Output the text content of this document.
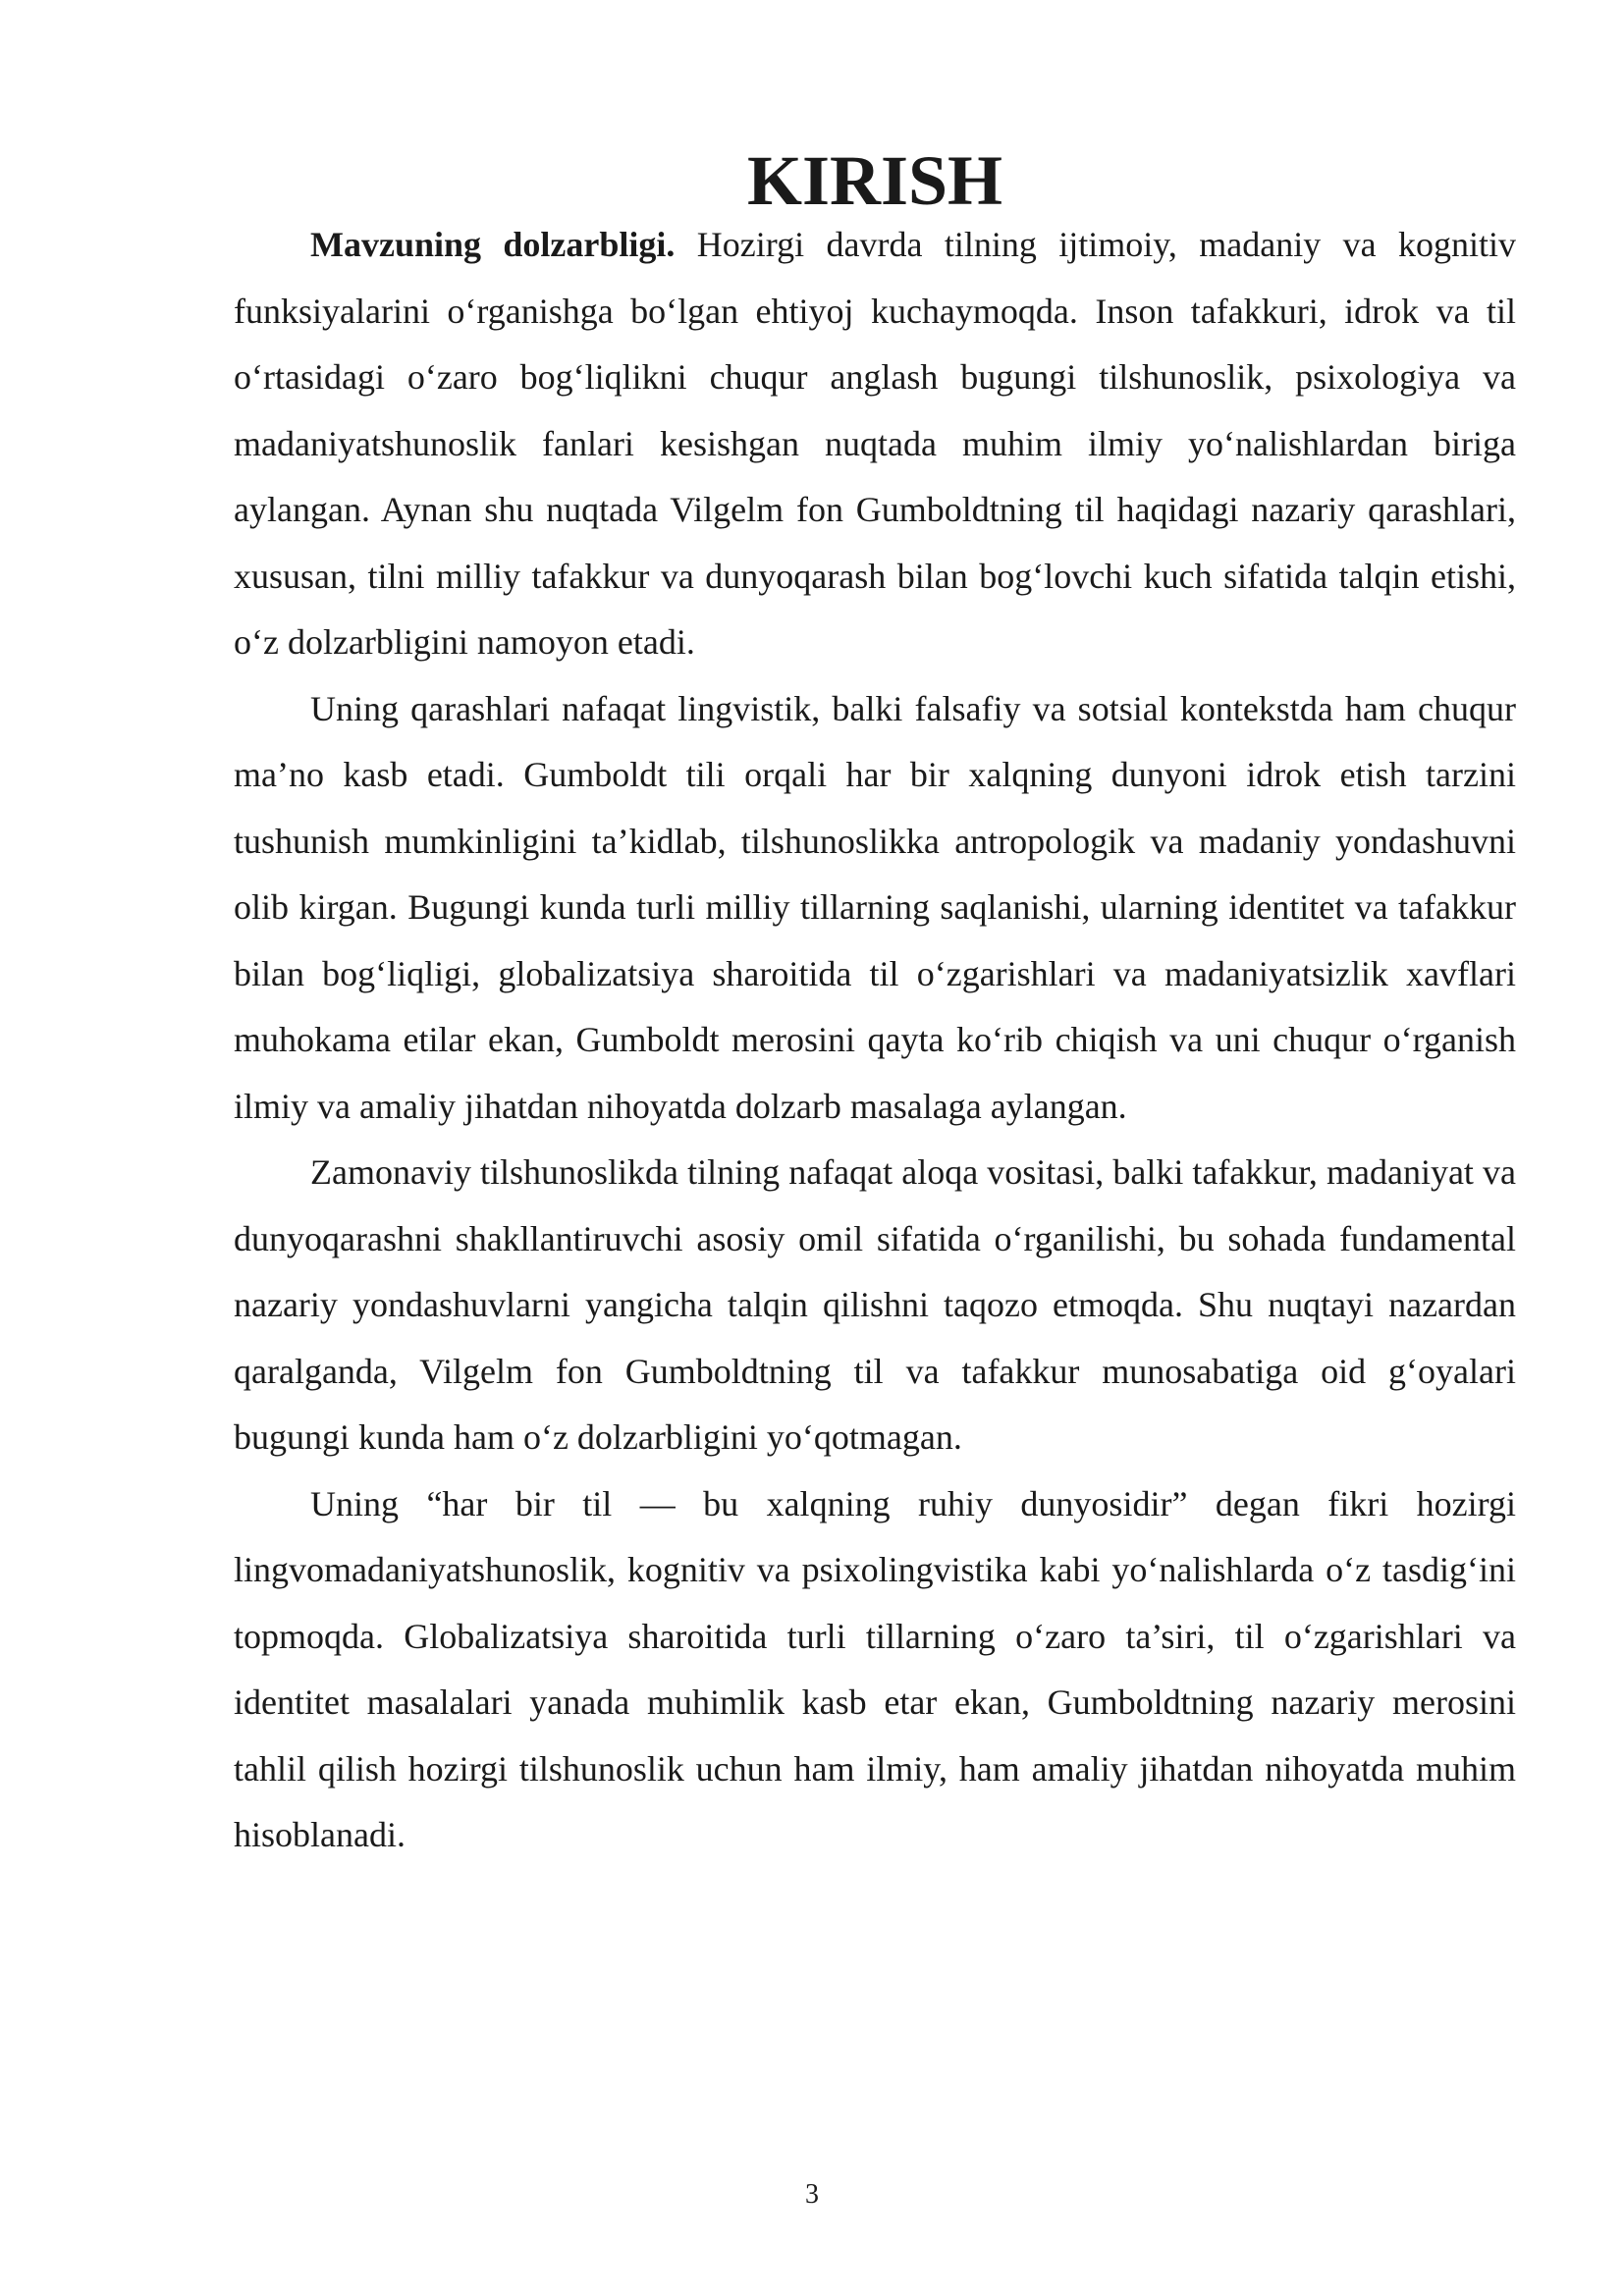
KIRISH

Mavzuning dolzarbligi. Hozirgi davrda tilning ijtimoiy, madaniy va kognitiv funksiyalarini o‘rganishga bo‘lgan ehtiyoj kuchaymoqda. Inson tafakkuri, idrok va til o‘rtasidagi o‘zaro bog‘liqlikni chuqur anglash bugungi tilshunoslik, psixologiya va madaniyatshunoslik fanlari kesishgan nuqtada muhim ilmiy yo‘nalishlardan biriga aylangan. Aynan shu nuqtada Vilgelm fon Gumboldtning til haqidagi nazariy qarashlari, xususan, tilni milliy tafakkur va dunyoqarash bilan bog‘lovchi kuch sifatida talqin etishi, o‘z dolzarbligini namoyon etadi.

Uning qarashlari nafaqat lingvistik, balki falsafiy va sotsial kontekstda ham chuqur ma’no kasb etadi. Gumboldt tili orqali har bir xalqning dunyoni idrok etish tarzini tushunish mumkinligini ta’kidlab, tilshunoslikka antropologik va madaniy yondashuvni olib kirgan. Bugungi kunda turli milliy tillarning saqlanishi, ularning identitet va tafakkur bilan bog‘liqligi, globalizatsiya sharoitida til o‘zgarishlari va madaniyatsizlik xavflari muhokama etilar ekan, Gumboldt merosini qayta ko‘rib chiqish va uni chuqur o‘rganish ilmiy va amaliy jihatdan nihoyatda dolzarb masalaga aylangan.

Zamonaviy tilshunoslikda tilning nafaqat aloqa vositasi, balki tafakkur, madaniyat va dunyoqarashni shakllantiruvchi asosiy omil sifatida o‘rganilishi, bu sohada fundamental nazariy yondashuvlarni yangicha talqin qilishni taqozo etmoqda. Shu nuqtayi nazardan qaralganda, Vilgelm fon Gumboldtning til va tafakkur munosabatiga oid g‘oyalari bugungi kunda ham o‘z dolzarbligini yo‘qotmagan.

Uning “har bir til — bu xalqning ruhiy dunyosidir” degan fikri hozirgi lingvomadaniyatshunoslik, kognitiv va psixolingvistika kabi yo‘nalishlarda o‘z tasdig‘ini topmoqda. Globalizatsiya sharoitida turli tillarning o‘zaro ta’siri, til o‘zgarishlari va identitet masalalari yanada muhimlik kasb etar ekan, Gumboldtning nazariy merosini tahlil qilish hozirgi tilshunoslik uchun ham ilmiy, ham amaliy jihatdan nihoyatda muhim hisoblanadi.

3
